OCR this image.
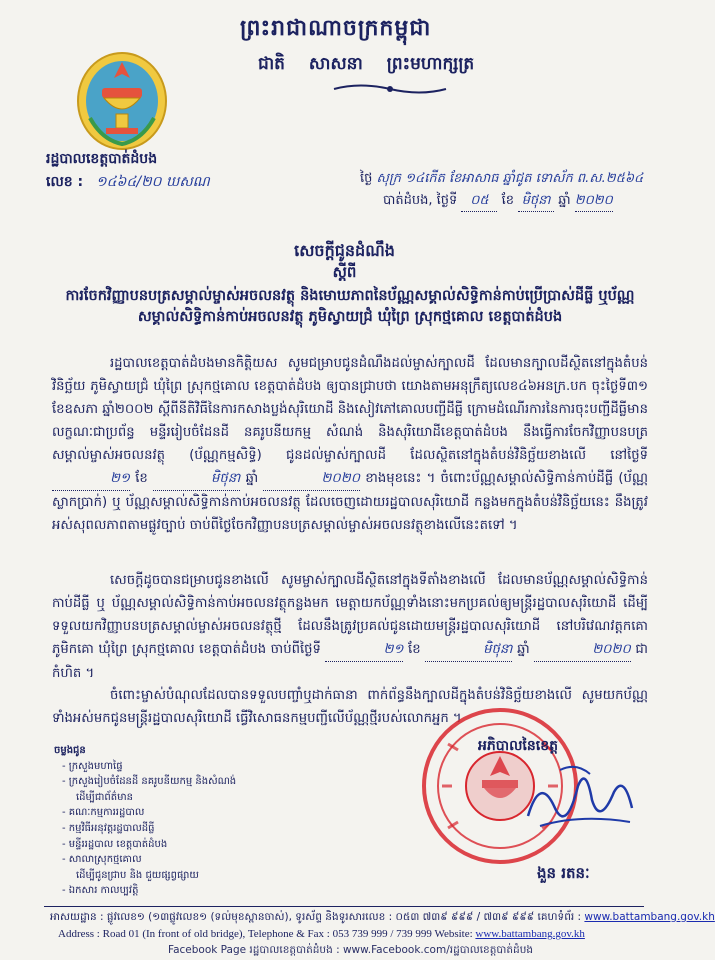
ព្រះរាជាណាចក្រកម្ពុជា
ជាតិ សាសនា ព្រះមហាក្សត្រ
រដ្ឋបាលខេត្តបាត់ដំបង
លេខ : ១៤៦៤/២០ ឃសណ	ថ្ងៃ សុក្រ ១៤កើត ខែអាសាធ ឆ្នាំជូត ទោស័ក ព.ស.២៥៦៤
បាត់ដំបង, ថ្ងៃទី ០៥ ខែ មិថុនា ឆ្នាំ ២០២០
សេចក្តីជូនដំណឹង
ស្តីពី
ការចែកវិញ្ញាបនបត្រសម្គាល់ម្ចាស់អចលនវត្ថុ និងមោឃភាពនៃប័ណ្ណសម្គាល់សិទ្ធិកាន់កាប់ប្រើប្រាស់ដីធ្លី ឬប័ណ្ណសម្គាល់សិទ្ធិកាន់កាប់អចលនវត្ថុ ភូមិស្វាយជ្រំ ឃុំព្រៃ ស្រុកថ្មគោល ខេត្តបាត់ដំបង
រដ្ឋបាលខេត្តបាត់ដំបងមានកិត្តិយស សូមជម្រាបជូនដំណឹងដល់ម្ចាស់ក្បាលដី ដែលមានក្បាលដីស្ថិតនៅក្នុងតំបន់វិនិច្ឆ័យ ភូមិស្វាយជ្រំ ឃុំព្រៃ ស្រុកថ្មគោល ខេត្តបាត់ដំបង ឲ្យបានជ្រាបថា យោងតាមអនុក្រឹត្យលេខ៤៦អនក្រ.បក ចុះថ្ងៃទី៣១ ខែឧសភា ឆ្នាំ២០០២ ស្តីពីនីតិវិធីនៃការកសាងប្លង់សុរិយោដី និងសៀវភៅគោលបញ្ជីដីធ្លី ក្រោមដំណើរការនៃការចុះបញ្ជីដីធ្លីមានលក្ខណៈជាប្រព័ន្ធ មន្ទីររៀបចំដែនដី នគរូបនីយកម្ម សំណង់ និងសុរិយោដីខេត្តបាត់ដំបង នឹងធ្វើការចែកវិញ្ញាបនបត្រសម្គាល់ម្ចាស់អចលនវត្ថុ (ប័ណ្ណកម្មសិទ្ធិ) ជូនដល់ម្ចាស់ក្បាលដី ដែលស្ថិតនៅក្នុងតំបន់វិនិច្ឆ័យខាងលើ នៅថ្ងៃទី ២១ ខែ	មិថុនា ឆ្នាំ	២០២០ ខាងមុខនេះ ។ ចំពោះប័ណ្ណសម្គាល់សិទ្ធិកាន់កាប់ដីធ្លី (ប័ណ្ណស្លាកប្រាក់) ឬ ប័ណ្ណសម្គាល់សិទ្ធិកាន់កាប់អចលនវត្ថុ ដែលចេញដោយរដ្ឋបាលសុរិយោដី កន្លងមកក្នុងតំបន់វិនិច្ឆ័យនេះ នឹងត្រូវអស់សុពលភាពតាមផ្លូវច្បាប់ ចាប់ពីថ្ងៃចែកវិញ្ញាបនបត្រសម្គាល់ម្ចាស់អចលនវត្ថុខាងលើនេះតទៅ ។
សេចក្តីដូចបានជម្រាបជូនខាងលើ សូមម្ចាស់ក្បាលដីស្ថិតនៅក្នុងទីតាំងខាងលើ ដែលមានប័ណ្ណសម្គាល់សិទ្ធិកាន់កាប់ដីធ្លី ឬ ប័ណ្ណសម្គាល់សិទ្ធិកាន់កាប់អចលនវត្ថុកន្លងមក មេត្តាយកប័ណ្ណទាំងនោះមកប្រគល់ឲ្យមន្ត្រីរដ្ឋបាលសុរិយោដី ដើម្បីទទួលយកវិញ្ញាបនបត្រសម្គាល់ម្ចាស់អចលនវត្ថុថ្មី ដែលនឹងត្រូវប្រគល់ជូនដោយមន្ត្រីរដ្ឋបាលសុរិយោដី នៅបរិវេណវត្តកគោ ភូមិកគោ ឃុំព្រៃ ស្រុកថ្មគោល ខេត្តបាត់ដំបង ចាប់ពីថ្ងៃទី	២១ ខែ	មិថុនា ឆ្នាំ	២០២០ ជាកំហិត ។
ចំពោះម្ចាស់បំណុលដែលបានទទួលបញ្ចាំឬដាក់ធានា ពាក់ព័ន្ធនឹងក្បាលដីក្នុងតំបន់វិនិច្ឆ័យខាងលើ សូមយកប័ណ្ណទាំងអស់មកជូនមន្ត្រីរដ្ឋបាលសុរិយោដី ធ្វើវិសោធនកម្មបញ្ជីលើប័ណ្ណថ្មីរបស់លោកអ្នក ។
ចម្លងជូន
- ក្រសួងមហាផ្ទៃ
- ក្រសួងរៀបចំដែនដី នគរូបនីយកម្ម និងសំណង់
ដើម្បីជាព័ត៌មាន
- គណៈកម្មការរដ្ឋបាល
- កម្មវិធីអនុវត្តរដ្ឋបាលដីធ្លី
- មន្ទីររដ្ឋបាល ខេត្តបាត់ដំបង
- សាលាស្រុកថ្មគោល
ដើម្បីជូនជ្រាប និង ជួយផ្សព្វផ្សាយ
- ឯកសារ កាលប្បវត្តិ
អភិបាលនៃខេត្ត
ងួន រតនៈ
អាសយដ្ឋាន : ផ្លូវលេខ១ (១៣ផ្លូវលេខ១ (ទល់មុខស្ពានចាស់), ទូរស័ព្ទ និងទូរសារលេខ : ០៥៣ ៧៣៩ ៩៩៩ / ៧៣៩ ៩៩៩ គេហទំព័រ : www.battambang.gov.kh
Address : Road 01 (In front of old bridge), Telephone & Fax : 053 739 999 / 739 999 Website: www.battambang.gov.kh
Facebook Page រដ្ឋបាលខេត្តបាត់ដំបង : www.Facebook.com/រដ្ឋបាលខេត្តបាត់ដំបង
